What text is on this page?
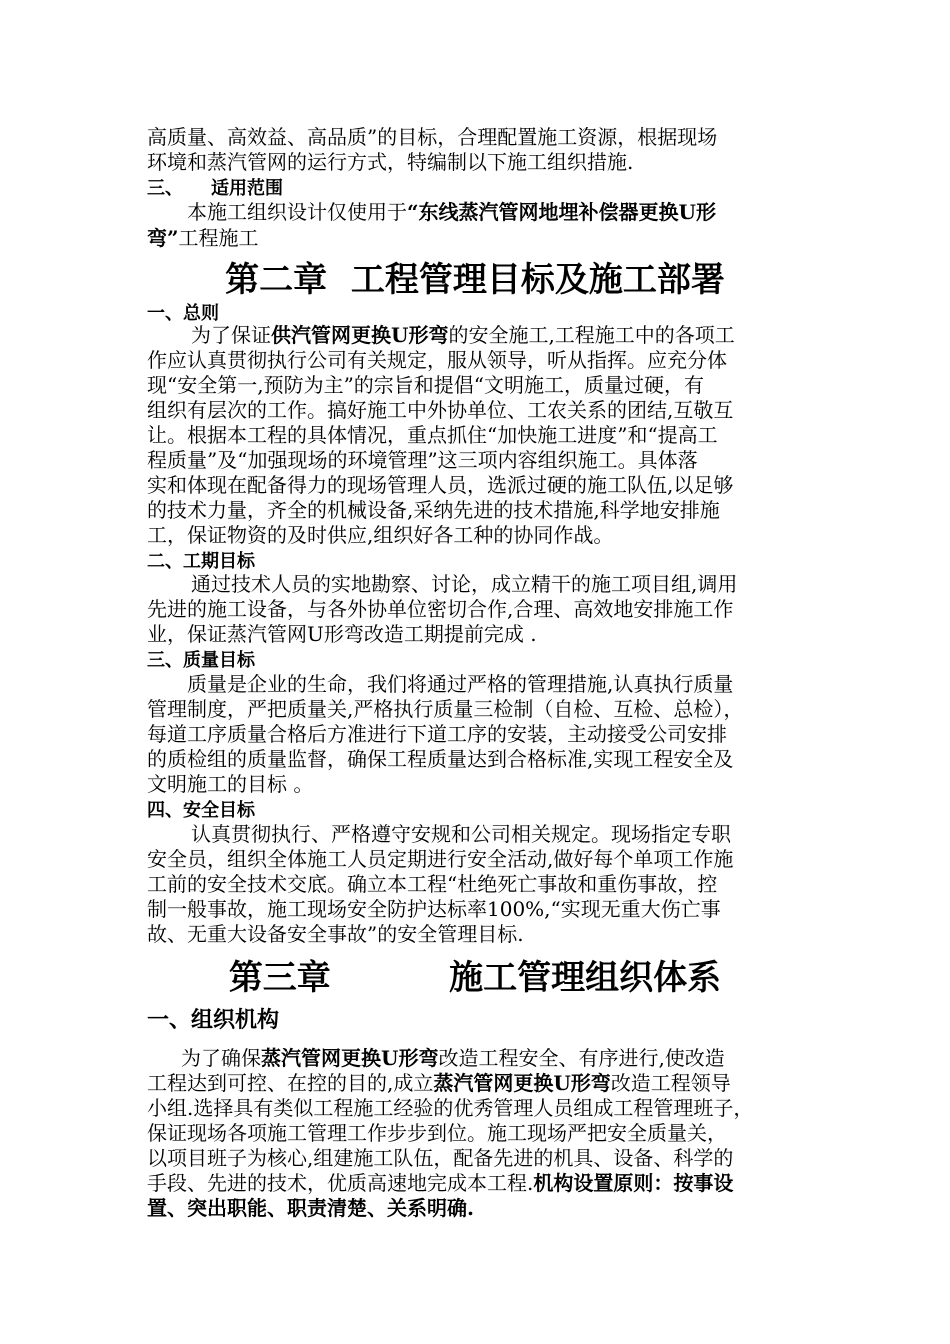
高质量、高效益、高品质”的目标，合理配置施工资源，根据现场
环境和蒸汽管网的运行方式，特编制以下施工组织措施.
三、 适用范围
本施工组织设计仅使用于“东线蒸汽管网地埋补偿器更换U形
弯”工程施工
第二章  工程管理目标及施工部署
一、总则
为了保证供汽管网更换U形弯的安全施工,工程施工中的各项工
作应认真贯彻执行公司有关规定，服从领导，听从指挥。应充分体
现“安全第一,预防为主”的宗旨和提倡“文明施工，质量过硬，有
组织有层次的工作。搞好施工中外协单位、工农关系的团结,互敬互
让。根据本工程的具体情况，重点抓住“加快施工进度”和“提高工
程质量”及“加强现场的环境管理”这三项内容组织施工。具体落
实和体现在配备得力的现场管理人员，选派过硬的施工队伍,以足够
的技术力量，齐全的机械设备,采纳先进的技术措施,科学地安排施
工，保证物资的及时供应,组织好各工种的协同作战。
二、工期目标
通过技术人员的实地勘察、讨论，成立精干的施工项目组,调用
先进的施工设备，与各外协单位密切合作,合理、高效地安排施工作
业，保证蒸汽管网U形弯改造工期提前完成 .
三、质量目标
质量是企业的生命，我们将通过严格的管理措施,认真执行质量
管理制度，严把质量关,严格执行质量三检制（自检、互检、总检），
每道工序质量合格后方准进行下道工序的安装，主动接受公司安排
的质检组的质量监督，确保工程质量达到合格标准,实现工程安全及
文明施工的目标 。
四、安全目标
认真贯彻执行、严格遵守安规和公司相关规定。现场指定专职
安全员，组织全体施工人员定期进行安全活动,做好每个单项工作施
工前的安全技术交底。确立本工程“杜绝死亡事故和重伤事故，控
制一般事故，施工现场安全防护达标率100%,“实现无重大伤亡事
故、无重大设备安全事故”的安全管理目标.
第三章          施工管理组织体系
一、组织机构
为了确保蒸汽管网更换U形弯改造工程安全、有序进行,使改造
工程达到可控、在控的目的,成立蒸汽管网更换U形弯改造工程领导
小组.选择具有类似工程施工经验的优秀管理人员组成工程管理班子，
保证现场各项施工管理工作步步到位。施工现场严把安全质量关，
以项目班子为核心,组建施工队伍，配备先进的机具、设备、科学的
手段、先进的技术，优质高速地完成本工程.机构设置原则：按事设
置、突出职能、职责清楚、关系明确.
